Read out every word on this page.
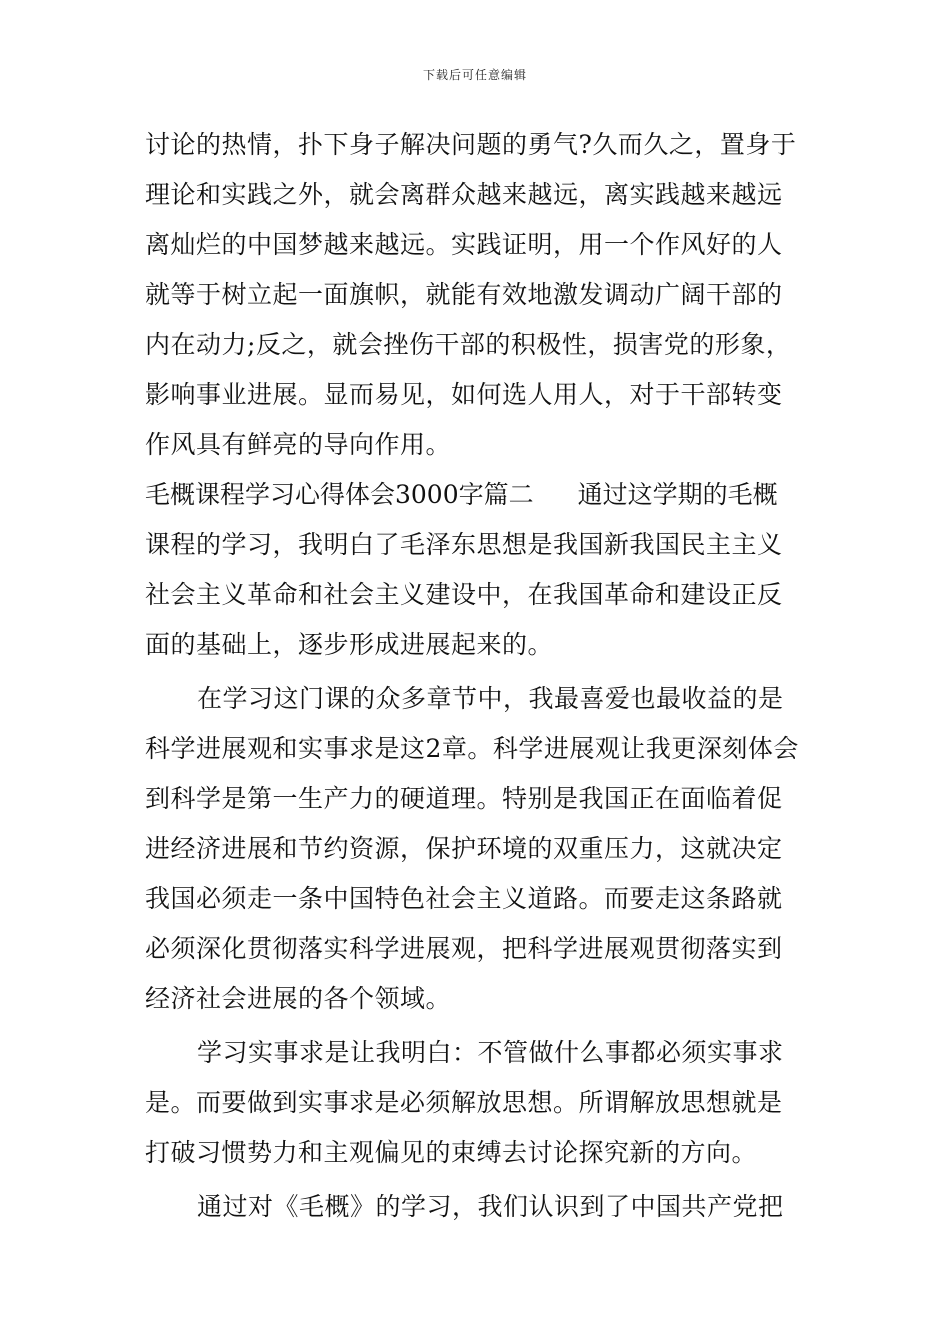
下载后可任意编辑
讨论的热情，扑下身子解决问题的勇气?久而久之，置身于
理论和实践之外，就会离群众越来越远，离实践越来越远
离灿烂的中国梦越来越远。实践证明，用一个作风好的人
就等于树立起一面旗帜，就能有效地激发调动广阔干部的
内在动力;反之，就会挫伤干部的积极性，损害党的形象，
影响事业进展。显而易见，如何选人用人，对于干部转变
作风具有鲜亮的导向作用。
毛概课程学习心得体会3000字篇二 通过这学期的毛概
课程的学习，我明白了毛泽东思想是我国新我国民主主义
社会主义革命和社会主义建设中，在我国革命和建设正反
面的基础上，逐步形成进展起来的。
在学习这门课的众多章节中，我最喜爱也最收益的是
科学进展观和实事求是这2章。科学进展观让我更深刻体会
到科学是第一生产力的硬道理。特别是我国正在面临着促
进经济进展和节约资源，保护环境的双重压力，这就决定
我国必须走一条中国特色社会主义道路。而要走这条路就
必须深化贯彻落实科学进展观，把科学进展观贯彻落实到
经济社会进展的各个领域。
学习实事求是让我明白：不管做什么事都必须实事求
是。而要做到实事求是必须解放思想。所谓解放思想就是
打破习惯势力和主观偏见的束缚去讨论探究新的方向。
通过对《毛概》的学习，我们认识到了中国共产党把
